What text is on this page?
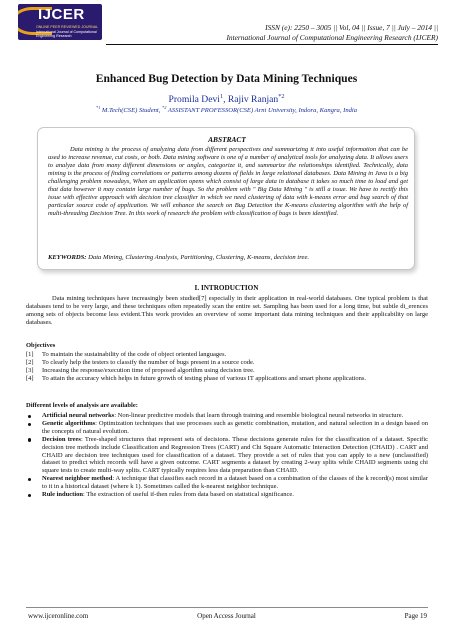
IJCER
ONLINE PEER REVIEWED JOURNAL
International Journal of Computational
Engineering Research
ISSN (e): 2250 – 3005 || Vol, 04 || Issue, 7 || July – 2014 ||
International Journal of Computational Engineering Research (IJCER)
Enhanced Bug Detection by Data Mining Techniques
Promila Devi$^1$, Rajiv Ranjan$^{*2}$
$^{*1}$ M.Tech(CSE) Student, $^{*2}$ ASSISTANT PROFESSOR(CSE) Arni University, Indora, Kangra, India
ABSTRACT
Data mining is the process of analyzing data from different perspectives and summarizing it into useful information that can be used to increase revenue, cut costs, or both. Data mining software is one of a number of analytical tools for analyzing data. It allows users to analyze data from many different dimensions or angles, categorize it, and summarize the relationships identified. Technically, data mining is the process of finding correlations or patterns among dozens of fields in large relational databases. Data Mining in Java is a big challenging problem nowadays, When an application opens which consist of large data in database it takes so much time to load and get that data however it may contain large number of bugs. So the problem with " Big Data Mining " is still a issue. We have to rectify this issue with effective approach with decision tree classifier in which we need clustering of data with k-means error and bug search of that particular source code of application. We will enhance the search on Bug Detection the K-means clustering algorithm with the help of multi-threading Decision Tree. In this work of research the problem with classification of bugs is been identified.
KEYWORDS: Data Mining, Clustering Analysis, Partitioning, Clustering, K-means, decision tree.
I. INTRODUCTION
Data mining techniques have increasingly been studied[7] especially in their application in real-world databases. One typical problem is that databases tend to be very large, and these techniques often repeatedly scan the entire set. Sampling has been used for a long time, but subtle di_erences among sets of objects become less evident.This work provides an overview of some important data mining techniques and their applicability on large databases.
Objectives
[1] To maintain the sustainability of the code of object oriented languages.
[2] To clearly help the testers to classify the number of bugs present in a source code.
[3] Increasing the response/execution time of proposed algorithm using decision tree.
[4] To attain the accuracy which helps in future growth of testing phase of various IT applications and smart phone applications.
Different levels of analysis are available:
Artificial neural networks: Non-linear predictive models that learn through training and resemble biological neural networks in structure.
Genetic algorithms: Optimization techniques that use processes such as genetic combination, mutation, and natural selection in a design based on the concepts of natural evolution.
Decision trees: Tree-shaped structures that represent sets of decisions. These decisions generate rules for the classification of a dataset. Specific decision tree methods include Classification and Regression Trees (CART) and Chi Square Automatic Interaction Detection (CHAID) . CART and CHAID are decision tree techniques used for classification of a dataset. They provide a set of rules that you can apply to a new (unclassified) dataset to predict which records will have a given outcome. CART segments a dataset by creating 2-way splits while CHAID segments using chi square tests to create multi-way splits. CART typically requires less data preparation than CHAID.
Nearest neighbor method: A technique that classifies each record in a dataset based on a combination of the classes of the k record(s) most similar to it in a historical dataset (where k 1). Sometimes called the k-nearest neighbor technique.
Rule induction: The extraction of useful if-then rules from data based on statistical significance.
www.ijceronline.com	Open Access Journal	Page 19
